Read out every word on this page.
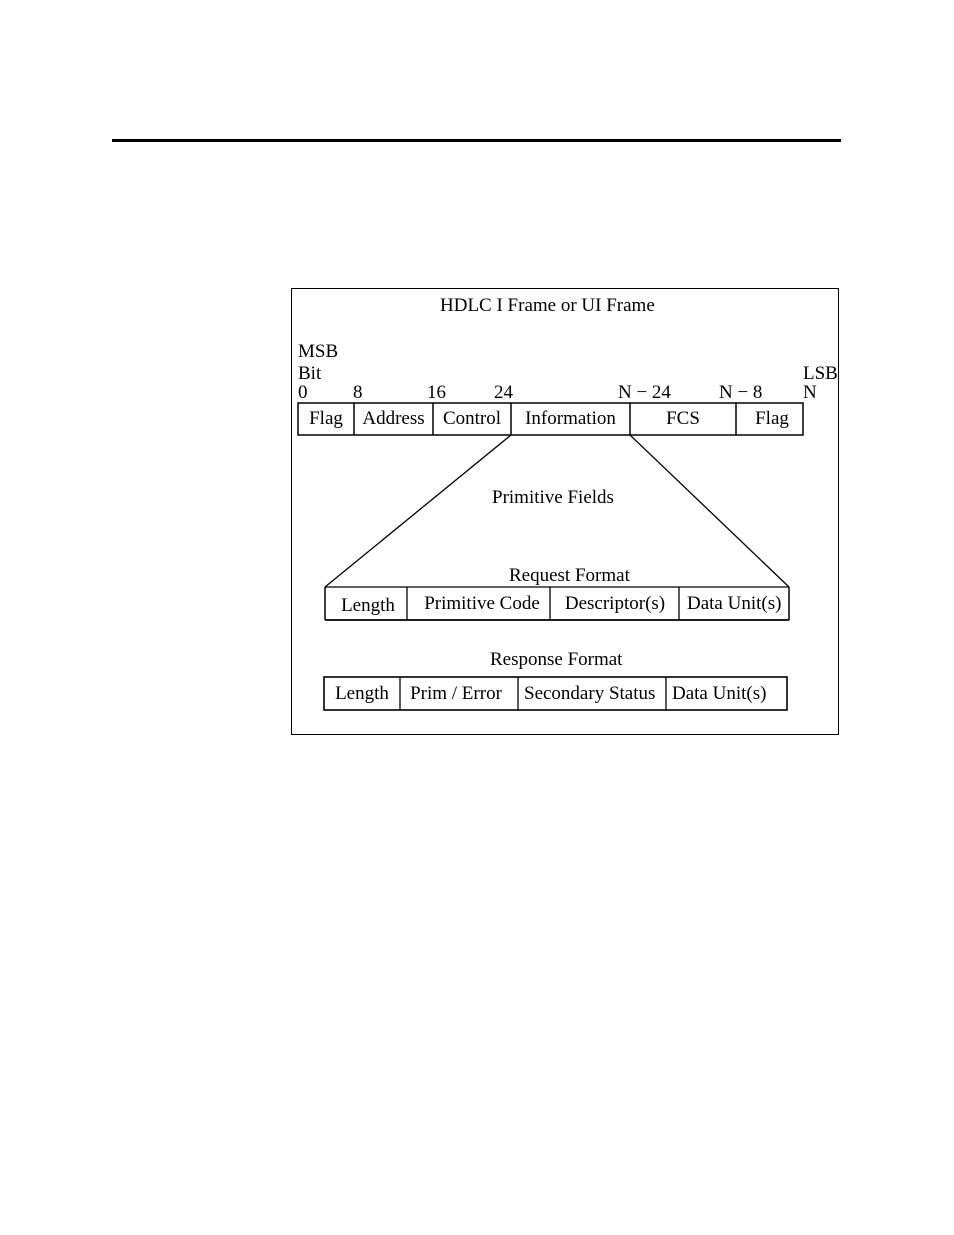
HDLC I Frame or UI Frame
MSB
Bit	LSB
0 8	16	24	N − 24	N − 8 N
Flag	Address Control	Information	FCS	Flag
Primitive Fields
Request Format
Length	Primitive Code	Descriptor(s)	Data Unit(s)
Response Format
Length	Prim / Error	Secondary Status Data Unit(s)
